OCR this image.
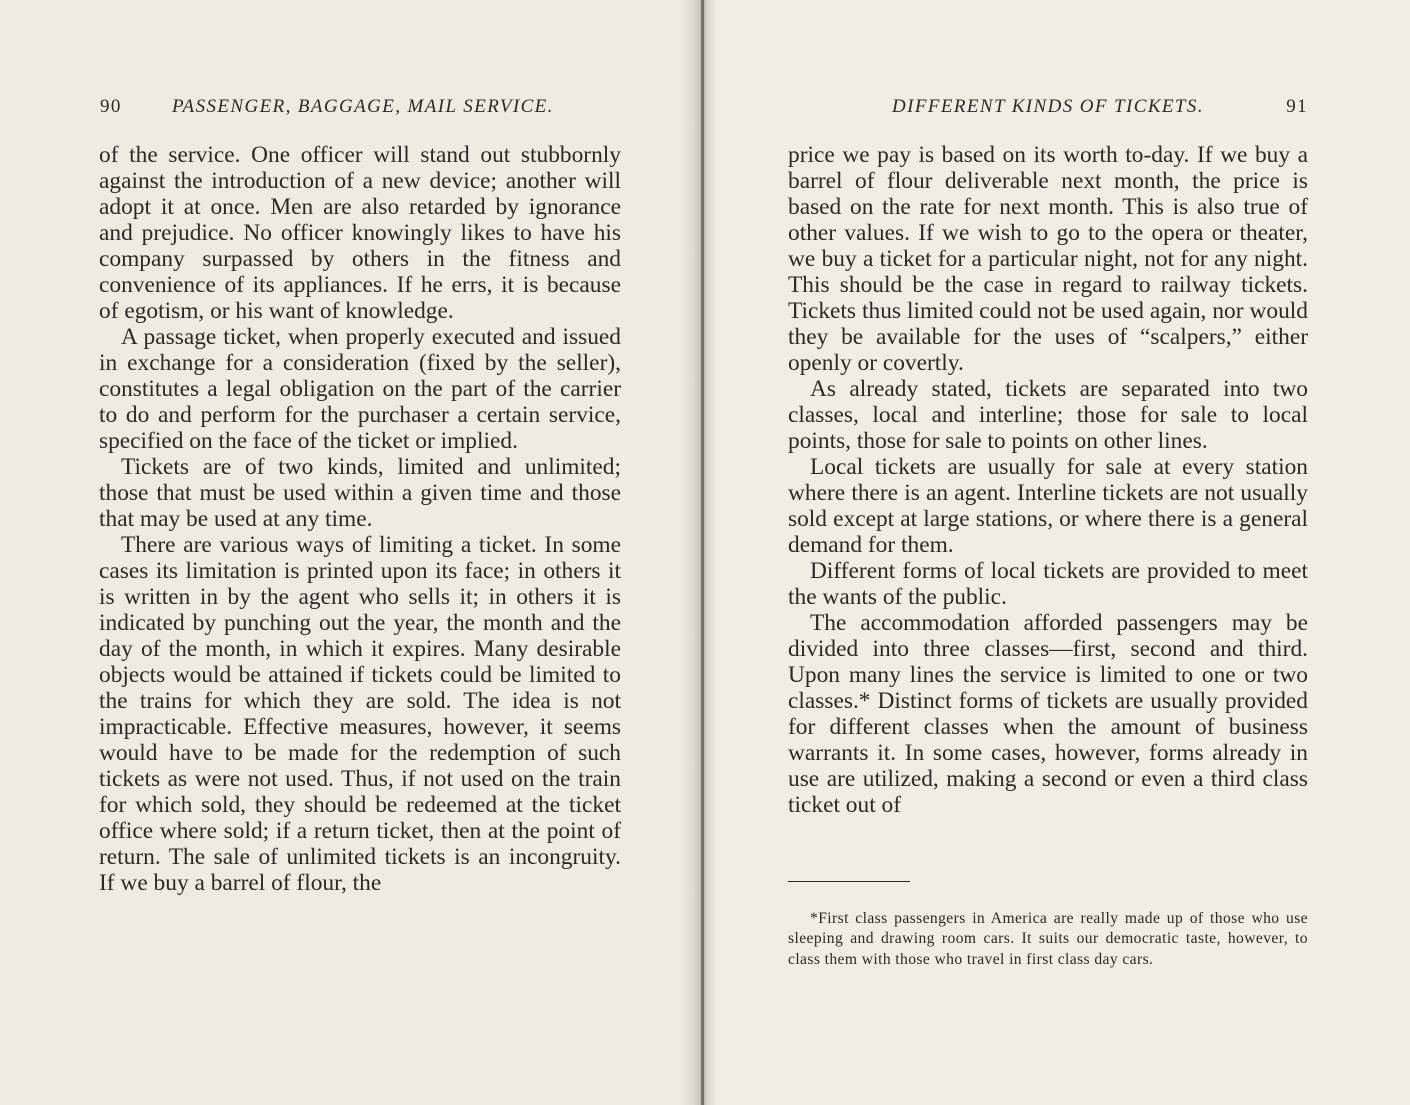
90	PASSENGER, BAGGAGE, MAIL SERVICE.	DIFFERENT KINDS OF TICKETS.	91

of the service. One officer will stand out stubbornly against the introduction of a new device; another will adopt it at once. Men are also retarded by ignorance and prejudice. No officer knowingly likes to have his company surpassed by others in the fitness and convenience of its appliances. If he errs, it is because of egotism, or his want of knowledge.

A passage ticket, when properly executed and issued in exchange for a consideration (fixed by the seller), constitutes a legal obligation on the part of the carrier to do and perform for the purchaser a certain service, specified on the face of the ticket or implied.

Tickets are of two kinds, limited and unlimited; those that must be used within a given time and those that may be used at any time.

There are various ways of limiting a ticket. In some cases its limitation is printed upon its face; in others it is written in by the agent who sells it; in others it is indicated by punching out the year, the month and the day of the month, in which it expires. Many desirable objects would be attained if tickets could be limited to the trains for which they are sold. The idea is not impracticable. Effective measures, however, it seems would have to be made for the redemption of such tickets as were not used. Thus, if not used on the train for which sold, they should be redeemed at the ticket office where sold; if a return ticket, then at the point of return. The sale of unlimited tickets is an incongruity. If we buy a barrel of flour, the

price we pay is based on its worth to-day. If we buy a barrel of flour deliverable next month, the price is based on the rate for next month. This is also true of other values. If we wish to go to the opera or theater, we buy a ticket for a particular night, not for any night. This should be the case in regard to railway tickets. Tickets thus limited could not be used again, nor would they be available for the uses of “scalpers,” either openly or covertly.

As already stated, tickets are separated into two classes, local and interline; those for sale to local points, those for sale to points on other lines.

Local tickets are usually for sale at every station where there is an agent. Interline tickets are not usually sold except at large stations, or where there is a general demand for them.

Different forms of local tickets are provided to meet the wants of the public.

The accommodation afforded passengers may be divided into three classes—first, second and third. Upon many lines the service is limited to one or two classes.* Distinct forms of tickets are usually provided for different classes when the amount of business warrants it. In some cases, however, forms already in use are utilized, making a second or even a third class ticket out of

*First class passengers in America are really made up of those who use sleeping and drawing room cars. It suits our democratic taste, however, to class them with those who travel in first class day cars.
